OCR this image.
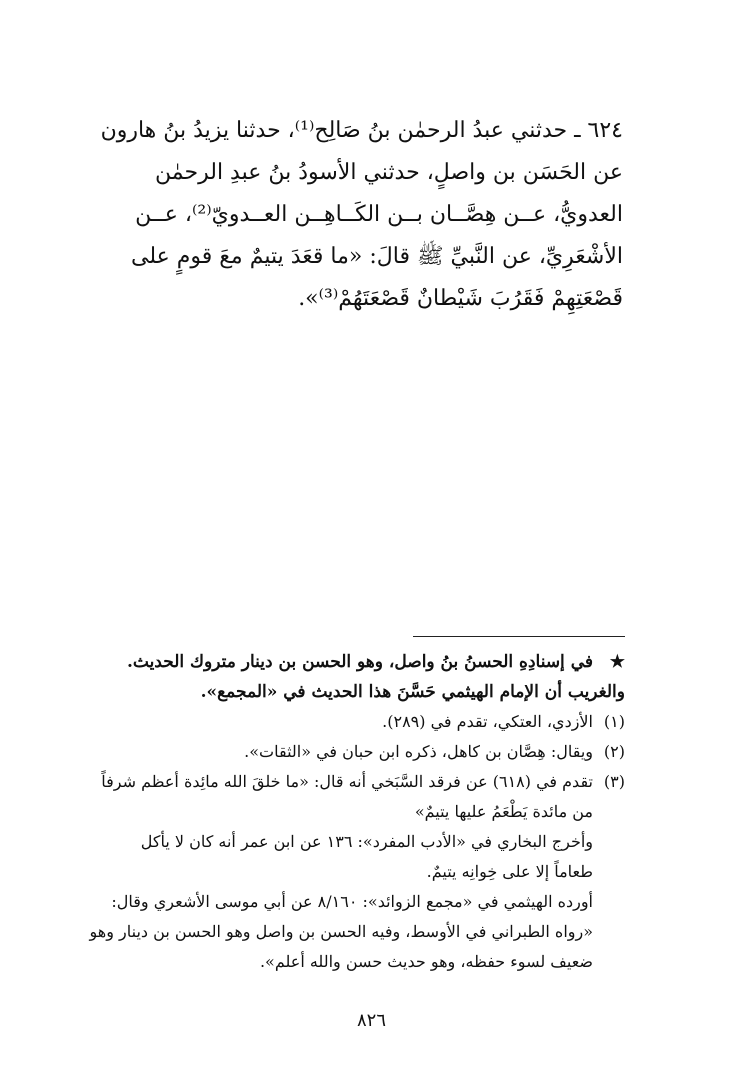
٦٢٤ ـ حدثني عبدُ الرحمٰن بنُ صَالِح⁽¹⁾، حدثنا يزيدُ بنُ هارون
عن الحَسَن بن واصلٍ، حدثني الأسودُ بنُ عبدِ الرحمٰن
العدويُّ، عــن هِصَّــان بــن الكَــاهِــن العــدويّ⁽²⁾، عــن
الأشْعَرِيِّ، عن النَّبيِّ ﷺ قالَ: «ما قعَدَ يتيمٌ معَ قومٍ على
قَصْعَتِهِمْ فَقَرُبَ شَيْطانٌ قَصْعَتَهُمْ⁽³⁾».
★في إسنادِهِ الحسنُ بنُ واصل، وهو الحسن بن دينار متروك الحديث.
والغريب أن الإمام الهيثمي حَسَّنَ هذا الحديث في «المجمع».
(١)الأزدي، العتكي، تقدم في (٢٨٩).
(٢)ويقال: هِصَّان بن كاهل، ذكره ابن حبان في «الثقات».
(٣)تقدم في (٦١٨) عن فرقد السَّبَخي أنه قال: «ما خلقَ الله مائِدة أعظم شرفاً
من مائدة يَطْعَمُ عليها يتيمٌ»
وأخرج البخاري في «الأدب المفرد»: ١٣٦ عن ابن عمر أنه كان لا يأكل
طعاماً إلا على خِوانِه يتيمٌ.
أورده الهيثمي في «مجمع الزوائد»: ٨/١٦٠ عن أبي موسى الأشعري وقال:
«رواه الطبراني في الأوسط، وفيه الحسن بن واصل وهو الحسن بن دينار وهو
ضعيف لسوء حفظه، وهو حديث حسن والله أعلم».
٨٢٦
